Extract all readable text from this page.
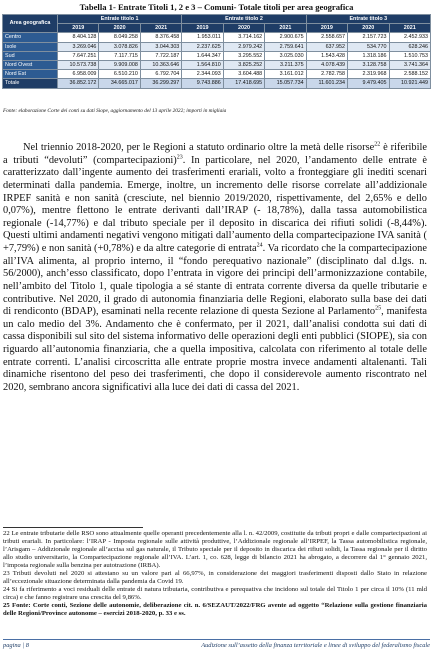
Tabella 1- Entrate Titoli 1, 2 e 3 – Comuni- Totale titoli per area geografica
Area geografica	Entrate titolo 1			Entrate titolo 2			Entrate titolo 3		
	2019	2020	2021	2019	2020	2021	2019	2020	2021
Centro	8.404.128	8.049.258	8.376.458	1.953.011	3.714.162	2.900.675	2.558.657	2.157.723	2.452.933
Isole	3.269.046	3.078.826	3.044.303	2.237.625	2.979.242	2.759.641	637.952	534.770	628.246
Sud	7.647.251	7.117.715	7.722.187	1.644.347	3.295.552	3.025.030	1.543.428	1.318.186	1.510.753
Nord Ovest	10.573.738	9.909.008	10.363.646	1.564.810	3.825.252	3.211.375	4.078.439	3.128.758	3.741.364
Nord Est	6.958.009	6.510.210	6.792.704	2.344.093	3.604.488	3.161.012	2.782.758	2.319.968	2.588.152
Totale	36.852.172	34.665.017	36.299.297	9.743.886	17.418.695	15.057.734	11.601.234	9.479.405	10.921.449
Fonte: elaborazione Corte dei conti su dati Siope, aggiornamento del 13 aprile 2022; importi in migliaia

Nel triennio 2018-2020, per le Regioni a statuto ordinario oltre la metà delle risorse$^{22}$ è riferibile a tributi “devoluti” (compartecipazioni)$^{23}$. In particolare, nel 2020, l’andamento delle entrate è caratterizzato dall’ingente aumento dei trasferimenti erariali, volto a fronteggiare gli inediti scenari determinati dalla pandemia. Emerge, inoltre, un incremento delle risorse correlate all’addizionale IRPEF sanità e non sanità (cresciute, nel biennio 2019/2020, rispettivamente, del 2,65% e dello 0,07%), mentre flettono le entrate derivanti dall’IRAP (- 18,78%), dalla tassa automobilistica regionale (-14,77%) e dal tributo speciale per il deposito in discarica dei rifiuti solidi (-8,44%). Questi ultimi andamenti negativi vengono mitigati dall’aumento della compartecipazione IVA sanità ( +7,79%) e non sanità (+0,78%) e da altre categorie di entrata$^{24}$. Va ricordato che la compartecipazione all’IVA alimenta, al proprio interno, il “fondo perequativo nazionale” (disciplinato dal d.lgs. n. 56/2000), anch’esso classificato, dopo l’entrata in vigore dei principi dell’armonizzazione contabile, nell’ambito del Titolo 1, quale tipologia a sé stante di entrata corrente diversa da quelle tributarie e contributive. Nel 2020, il grado di autonomia finanziaria delle Regioni, elaborato sulla base dei dati di rendiconto (BDAP), esaminati nella recente relazione di questa Sezione al Parlamento$^{25}$, manifesta un calo medio del 3%. Andamento che è confermato, per il 2021, dall’analisi condotta sui dati di cassa disponibili sul sito del sistema informativo delle operazioni degli enti pubblici (SIOPE), sia con riguardo all’autonomia finanziaria, che a quella impositiva, calcolata con riferimento al totale delle entrate correnti. L’analisi circoscritta alle entrate proprie mostra invece andamenti altalenanti. Tali dinamiche risentono del peso dei trasferimenti, che dopo il considerevole aumento riscontrato nel 2020, sembrano ancora significativi alla luce dei dati di cassa del 2021.

22 Le entrate tributarie delle RSO sono attualmente quelle operanti precedentemente alla l. n. 42/2009, costituite da tributi propri e dalle compartecipazioni ai tributi erariali. In particolare: l’IRAP - Imposta regionale sulle attività produttive, l’Addizionale regionale all’IRPEF, la Tassa automobilistica regionale, l’Arisgam – Addizionale regionale all’accisa sul gas naturale, il Tributo speciale per il deposito in discarica dei rifiuti solidi, la Tassa regionale per il diritto allo studio universitario, la Compartecipazione regionale all’IVA. L’art. 1, co. 628, legge di bilancio 2021 ha abrogato, a decorrere dal 1° gennaio 2021, l’imposta regionale sulla benzina per autotrazione (IRBA).

23 Tributi devoluti nel 2020 si attestano su un valore pari al 66,97%, in considerazione dei maggiori trasferimenti disposti dallo Stato in relazione all’eccezionale situazione determinata dalla pandemia da Covid 19.

24 Si fa riferimento a voci residuali delle entrate di natura tributaria, contributiva e perequativa che incidono sul totale del Titolo 1 per circa il 10% (11 mld circa) e che fanno registrare una crescita del 9,86%.

25 Fonte: Corte conti, Sezione delle autonomie, deliberazione cit. n. 6/SEZAUT/2022/FRG avente ad oggetto “Relazione sulla gestione finanziaria delle Regioni/Province autonome – esercizi 2018-2020, p. 33 e ss.

pagina | 8	Audizione sull’assetto della finanza territoriale e linee di sviluppo del federalismo fiscale
